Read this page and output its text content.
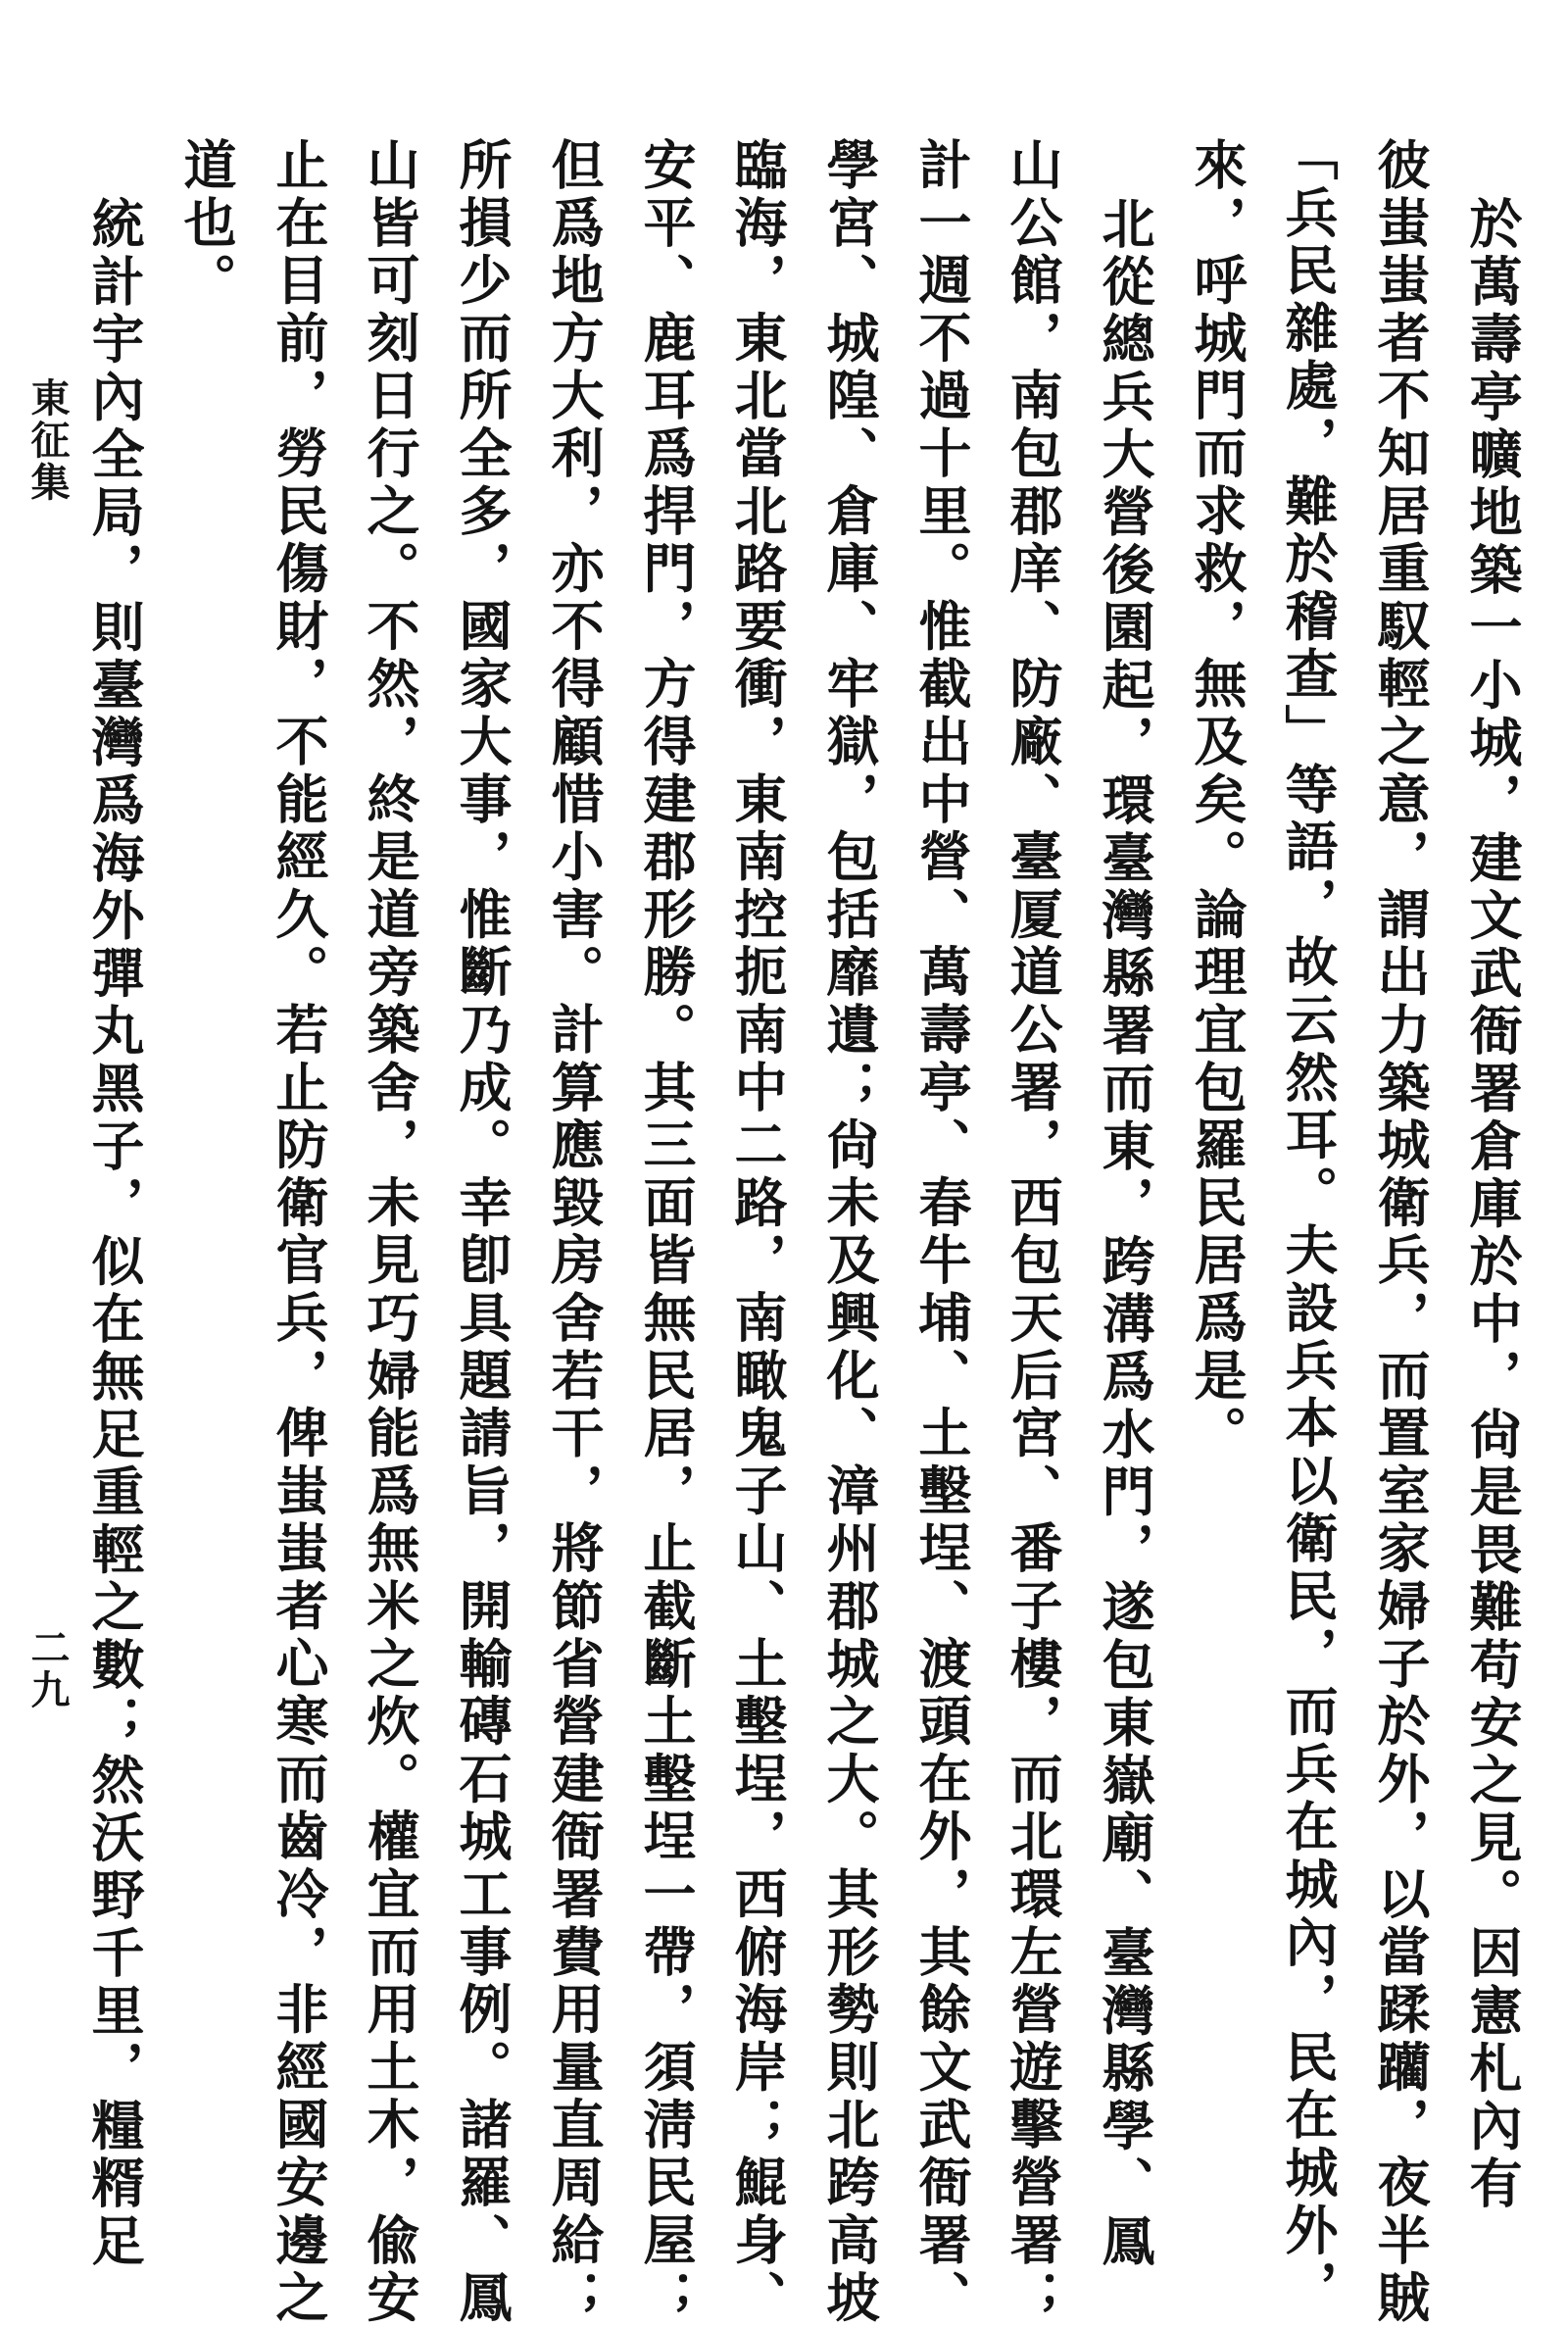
於萬壽亭曠地築一小城，建文武衙署倉庫於中，尙是畏難苟安之見。因憲札內有
彼蚩蚩者不知居重馭輕之意，謂出力築城衛兵，而置室家婦子於外，以當蹂躪，夜半賊
「兵民雜處，難於稽查」等語，故云然耳。夫設兵本以衛民，而兵在城內，民在城外，
來，呼城門而求救，無及矣。論理宜包羅民居爲是。
北從總兵大營後園起，環臺灣縣署而東，跨溝爲水門，遂包東嶽廟、臺灣縣學、鳳
山公館，南包郡庠、防廠、臺厦道公署，西包天后宮、番子樓，而北環左營遊擊營署；
計一週不過十里。惟截出中營、萬壽亭、春牛埔、土墼埕、渡頭在外，其餘文武衙署、
學宮、城隍、倉庫、牢獄，包括靡遺；尙未及興化、漳州郡城之大。其形勢則北跨高坡
臨海，東北當北路要衝，東南控扼南中二路，南瞰鬼子山、土墼埕，西俯海岸；鯤身、
安平、鹿耳爲捍門，方得建郡形勝。其三面皆無民居，止截斷土墼埕一帶，須淸民屋；
但爲地方大利，亦不得顧惜小害。計算應毀房舍若干，將節省營建衙署費用量直周給；
所損少而所全多，國家大事，惟斷乃成。幸卽具題請旨，開輸磚石城工事例。諸羅、鳳
山皆可刻日行之。不然，終是道旁築舍，未見巧婦能爲無米之炊。權宜而用土木，偸安
止在目前，勞民傷財，不能經久。若止防衛官兵，俾蚩蚩者心寒而齒冷，非經國安邊之
道也。
統計宇內全局，則臺灣爲海外彈丸黑子，似在無足重輕之數；然沃野千里，糧糈足
東征集
二九
